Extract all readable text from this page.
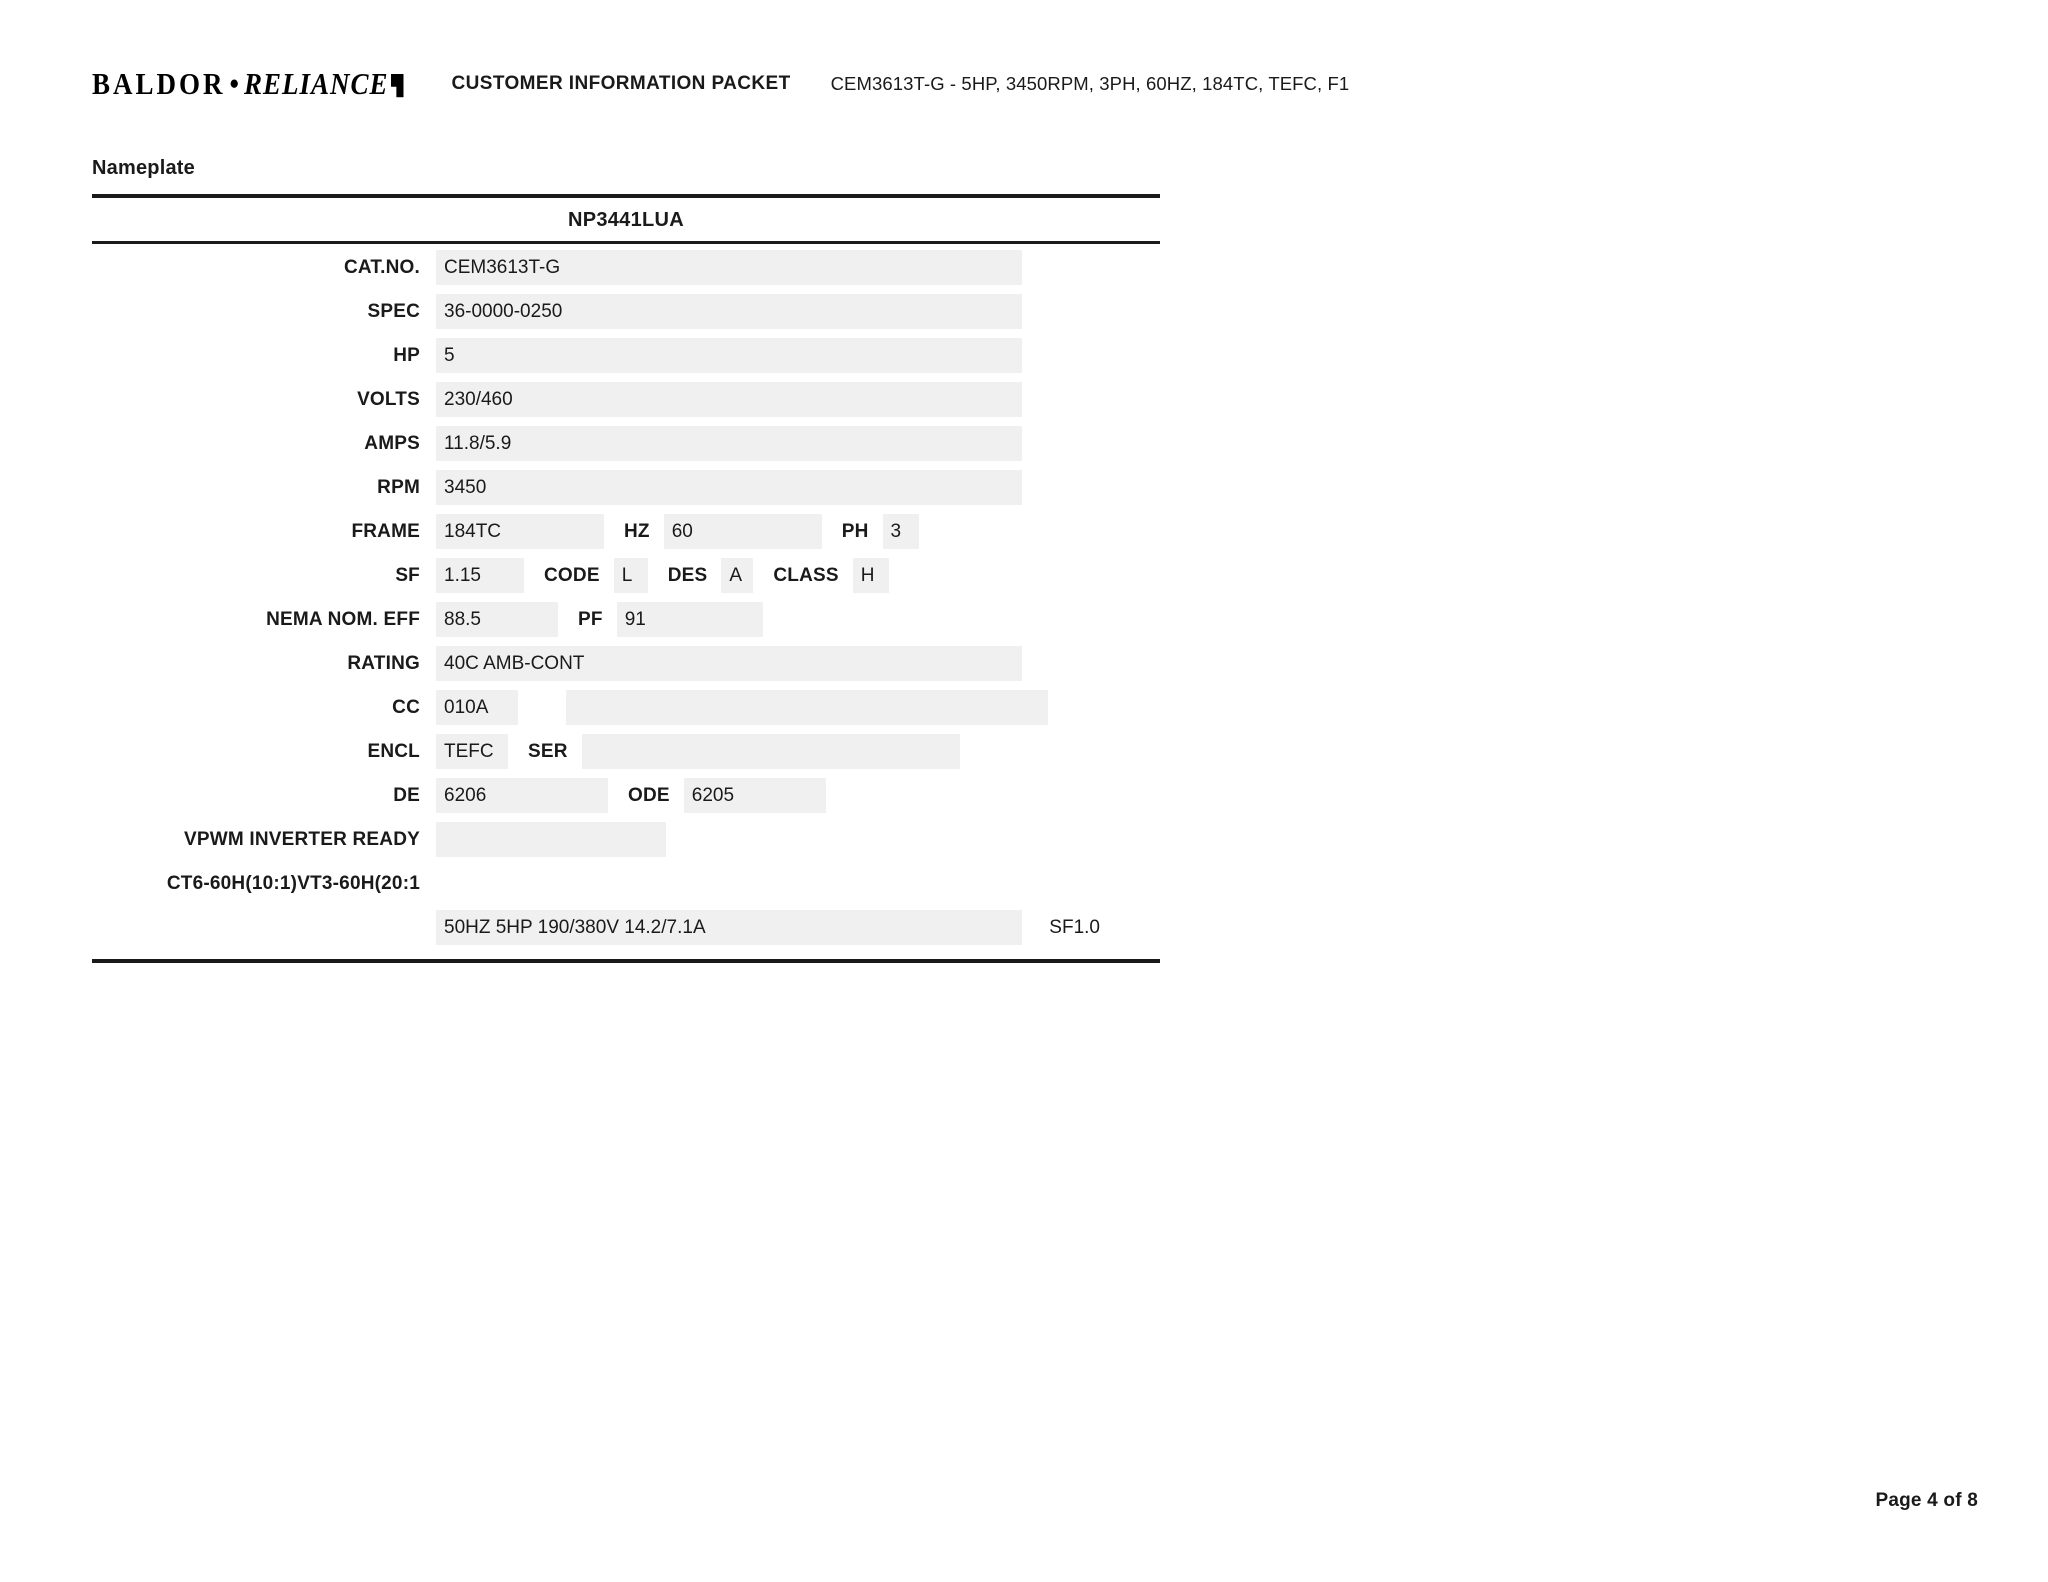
BALDOR • RELIANCE	CUSTOMER INFORMATION PACKET CEM3613T-G - 5HP, 3450RPM, 3PH, 60HZ, 184TC, TEFC, F1
Nameplate
NP3441LUA
CAT.NO.	CEM3613T-G
SPEC	36-0000-0250
HP	5
VOLTS	230/460
AMPS	11.8/5.9
RPM	3450
FRAME	184TC	HZ	60	PH	3
SF	1.15	CODE	L	DES	A	CLASS	H
NEMA NOM. EFF	88.5	PF	91
RATING	40C AMB-CONT
CC	010A
ENCL	TEFC	SER
DE	6206	ODE	6205
VPWM INVERTER READY
CT6-60H(10:1)VT3-60H(20:1
50HZ 5HP 190/380V 14.2/7.1A	SF1.0
Page 4 of 8
